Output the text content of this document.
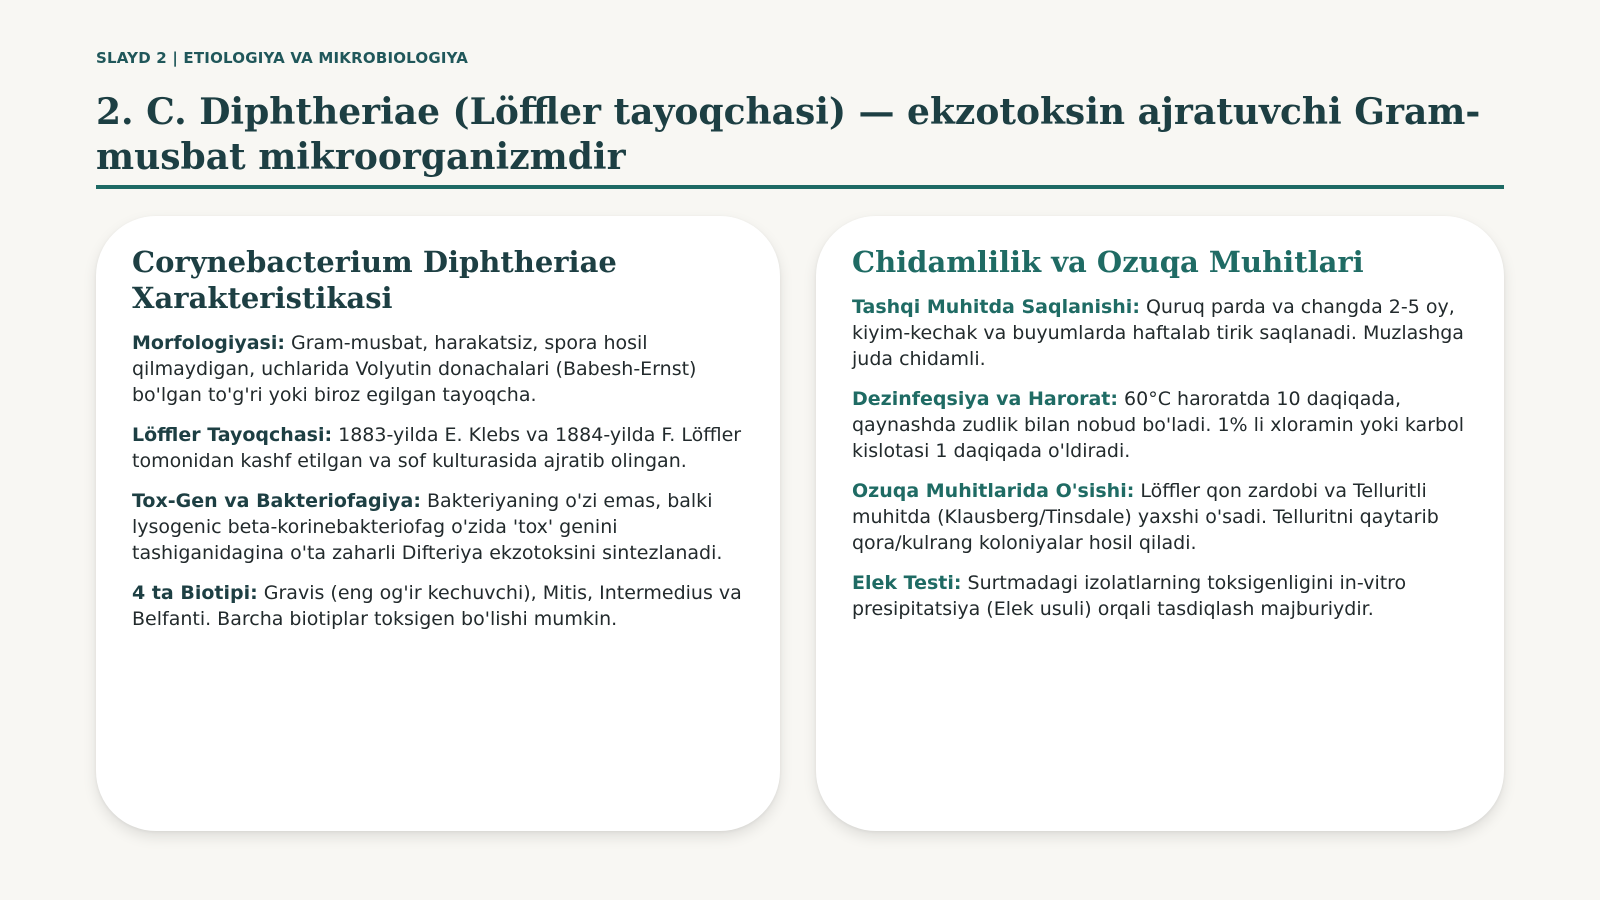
SLAYD 2 | ETIOLOGIYA VA MIKROBIOLOGIYA
2. C. Diphtheriae (Löffler tayoqchasi) — ekzotoksin ajratuvchi Gram-musbat mikroorganizmdir
Corynebacterium Diphtheriae Xarakteristikasi

Morfologiyasi: Gram-musbat, harakatsiz, spora hosil qilmaydigan, uchlarida Volyutin donachalari (Babesh-Ernst) bo'lgan to'g'ri yoki biroz egilgan tayoqcha.

Löffler Tayoqchasi: 1883-yilda E. Klebs va 1884-yilda F. Löffler tomonidan kashf etilgan va sof kulturasida ajratib olingan.

Tox-Gen va Bakteriofagiya: Bakteriyaning o'zi emas, balki lysogenic beta-korinebakteriofag o'zida 'tox' genini tashiganidagina o'ta zaharli Difteriya ekzotoksini sintezlanadi.

4 ta Biotipi: Gravis (eng og'ir kechuvchi), Mitis, Intermedius va Belfanti. Barcha biotiplar toksigen bo'lishi mumkin.

Chidamlilik va Ozuqa Muhitlari

Tashqi Muhitda Saqlanishi: Quruq parda va changda 2-5 oy, kiyim-kechak va buyumlarda haftalab tirik saqlanadi. Muzlashga juda chidamli.

Dezinfeqsiya va Harorat: 60°C haroratda 10 daqiqada, qaynashda zudlik bilan nobud bo'ladi. 1% li xloramin yoki karbol kislotasi 1 daqiqada o'ldiradi.

Ozuqa Muhitlarida O'sishi: Löffler qon zardobi va Telluritli muhitda (Klausberg/Tinsdale) yaxshi o'sadi. Telluritni qaytarib qora/kulrang koloniyalar hosil qiladi.

Elek Testi: Surtmadagi izolatlarning toksigenligini in-vitro presipitatsiya (Elek usuli) orqali tasdiqlash majburiydir.
